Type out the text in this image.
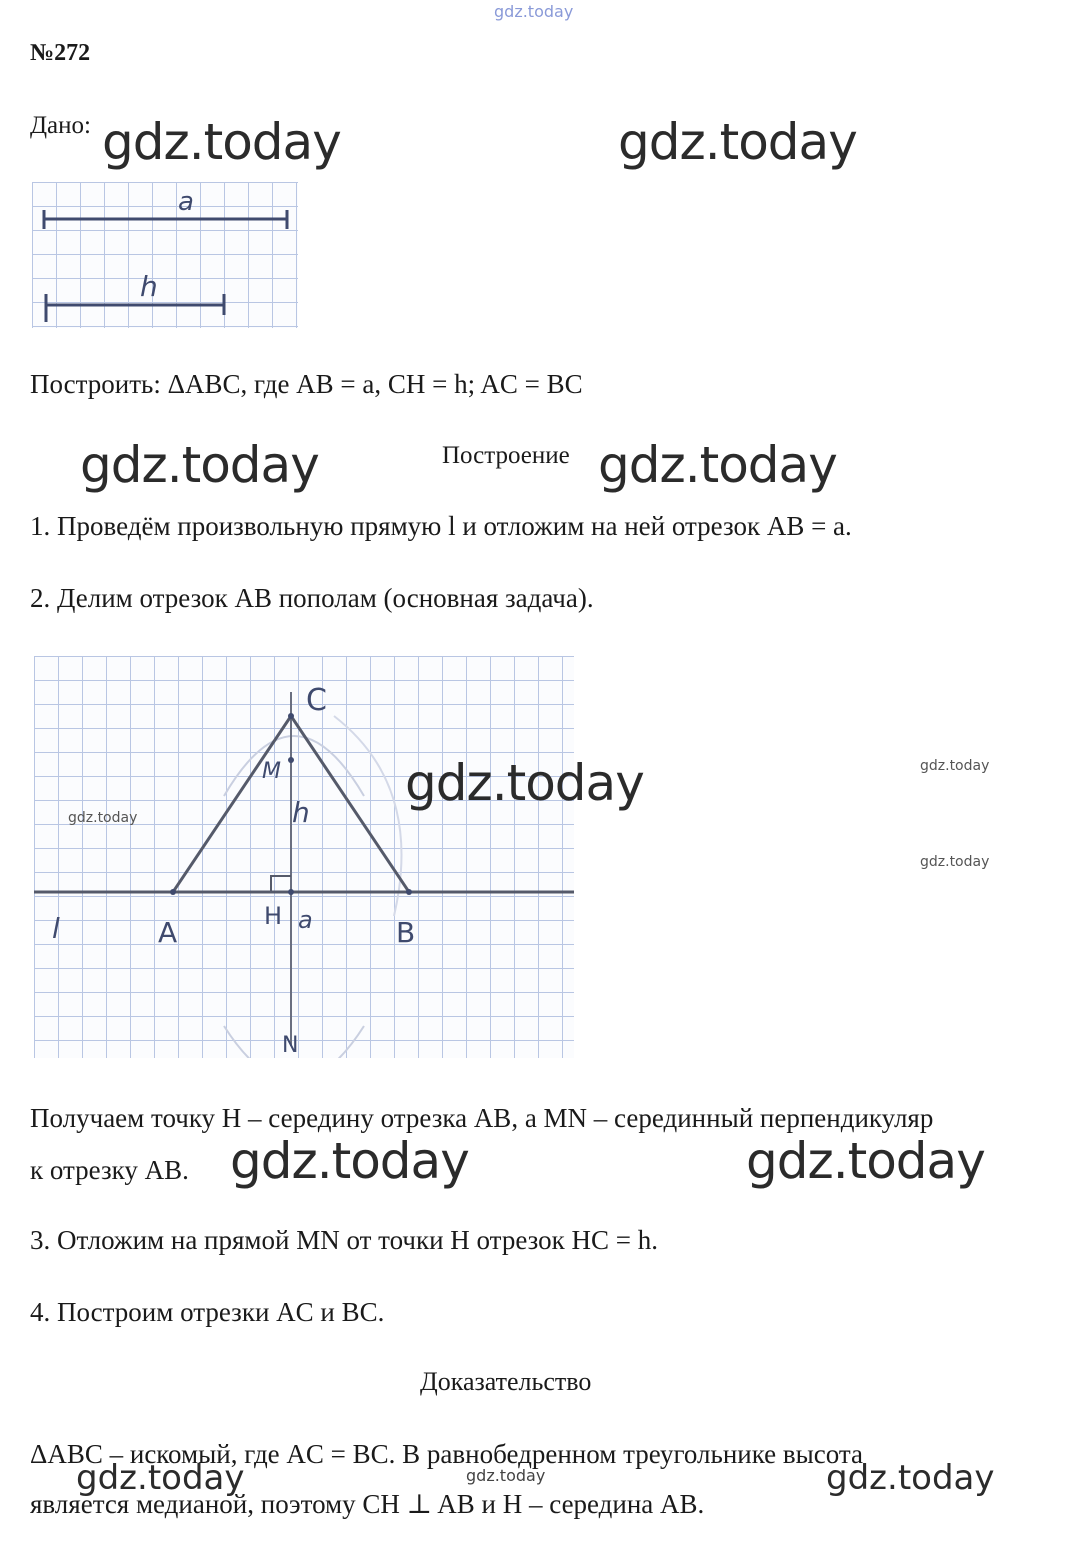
gdz.today
№272
Дано: gdz.today	gdz.today
a
h
Построить: ΔABC, где AB = a, CH = h; AC = BC
gdz.today	Построение gdz.today
1. Проведём произвольную прямую l и отложим на ней отрезок AB = a.
2. Делим отрезок AB пополам (основная задача).
C
M
h
l	A	H a	B
N
gdz.today	gdz.today
gdz.today
gdz.today
Получаем точку H – середину отрезка AB, а MN – серединный перпендикуляр
к отрезку AB. gdz.today	gdz.today
3. Отложим на прямой MN от точки H отрезок HC = h.
4. Построим отрезки AC и BC.
Доказательство
ΔABC – искомый, где AC = BC. В равнобедренном треугольнике высота
является медианой, поэтому CH ⊥ AB и H – середина AB.
gdz.today	gdz.today	gdz.today
